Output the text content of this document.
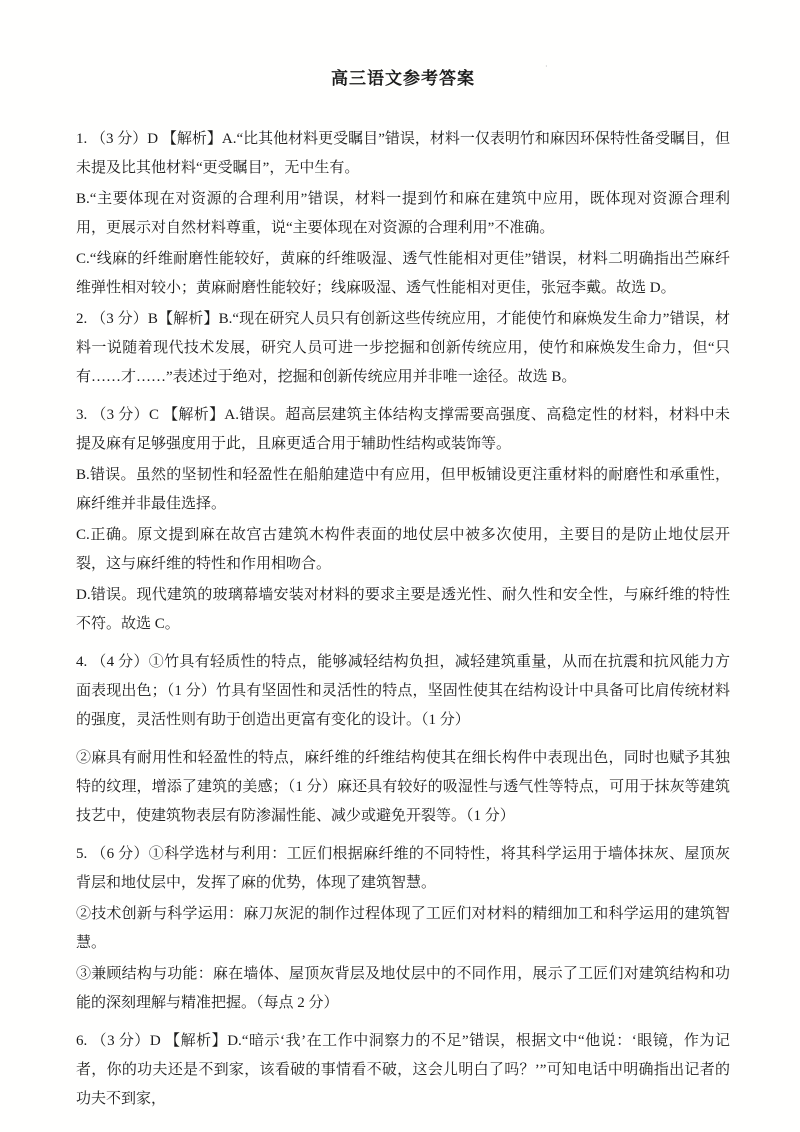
·
高三语文参考答案

1. （3 分）D 【解析】A.“比其他材料更受瞩目”错误，材料一仅表明竹和麻因环保特性备受瞩目，但未提及比其他材料“更受瞩目”，无中生有。

B.“主要体现在对资源的合理利用”错误，材料一提到竹和麻在建筑中应用，既体现对资源合理利用，更展示对自然材料尊重，说“主要体现在对资源的合理利用”不准确。

C.“线麻的纤维耐磨性能较好，黄麻的纤维吸湿、透气性能相对更佳”错误，材料二明确指出苎麻纤维弹性相对较小；黄麻耐磨性能较好；线麻吸湿、透气性能相对更佳，张冠李戴。故选 D。

2. （3 分）B【解析】B.“现在研究人员只有创新这些传统应用，才能使竹和麻焕发生命力”错误，材料一说随着现代技术发展，研究人员可进一步挖掘和创新传统应用，使竹和麻焕发生命力，但“只有……才……”表述过于绝对，挖掘和创新传统应用并非唯一途径。故选 B。

3. （3 分）C 【解析】A.错误。超高层建筑主体结构支撑需要高强度、高稳定性的材料，材料中未提及麻有足够强度用于此，且麻更适合用于辅助性结构或装饰等。

B.错误。虽然的坚韧性和轻盈性在船舶建造中有应用，但甲板铺设更注重材料的耐磨性和承重性，麻纤维并非最佳选择。

C.正确。原文提到麻在故宫古建筑木构件表面的地仗层中被多次使用，主要目的是防止地仗层开裂，这与麻纤维的特性和作用相吻合。

D.错误。现代建筑的玻璃幕墙安装对材料的要求主要是透光性、耐久性和安全性，与麻纤维的特性不符。故选 C。

4. （4 分）①竹具有轻质性的特点，能够减轻结构负担，减轻建筑重量，从而在抗震和抗风能力方面表现出色；（1 分）竹具有坚固性和灵活性的特点，坚固性使其在结构设计中具备可比肩传统材料的强度，灵活性则有助于创造出更富有变化的设计。（1 分）

②麻具有耐用性和轻盈性的特点，麻纤维的纤维结构使其在细长构件中表现出色，同时也赋予其独特的纹理，增添了建筑的美感；（1 分）麻还具有较好的吸湿性与透气性等特点，可用于抹灰等建筑技艺中，使建筑物表层有防渗漏性能、减少或避免开裂等。（1 分）

5. （6 分）①科学选材与利用：工匠们根据麻纤维的不同特性，将其科学运用于墙体抹灰、屋顶灰背层和地仗层中，发挥了麻的优势，体现了建筑智慧。

②技术创新与科学运用：麻刀灰泥的制作过程体现了工匠们对材料的精细加工和科学运用的建筑智慧。

③兼顾结构与功能：麻在墙体、屋顶灰背层及地仗层中的不同作用，展示了工匠们对建筑结构和功能的深刻理解与精准把握。（每点 2 分）

6. （3 分）D 【解析】D.“暗示‘我’在工作中洞察力的不足”错误，根据文中“他说：‘眼镜，作为记者，你的功夫还是不到家，该看破的事情看不破，这会儿明白了吗？’”可知电话中明确指出记者的功夫不到家，
